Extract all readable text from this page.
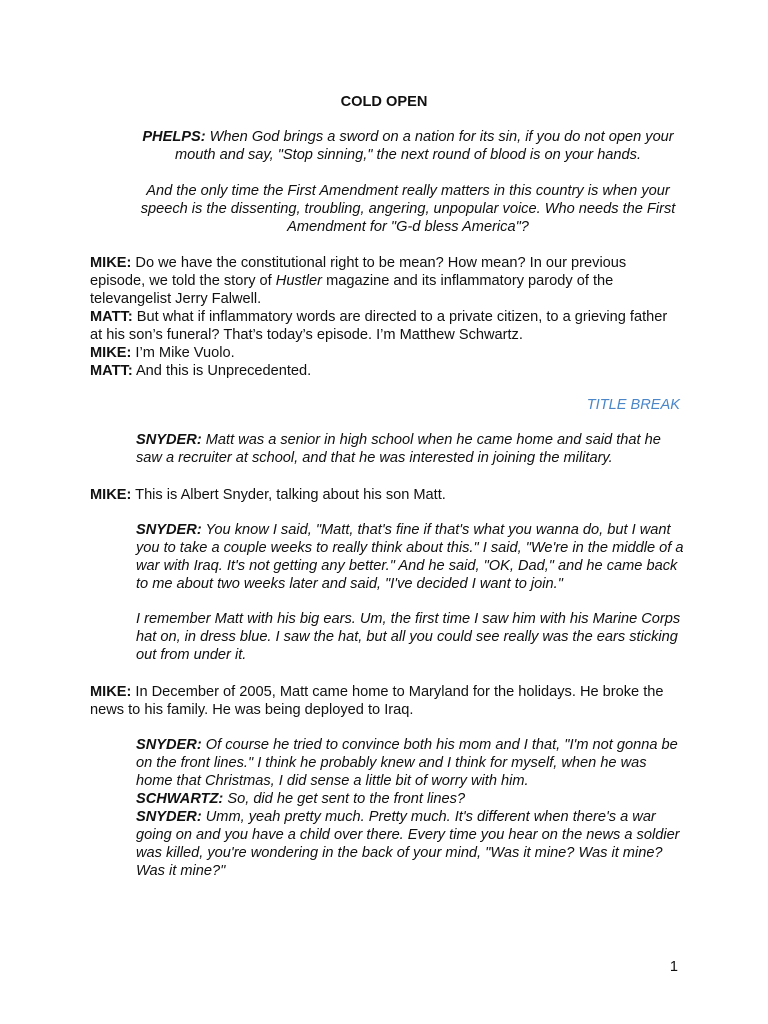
COLD OPEN
PHELPS: When God brings a sword on a nation for its sin, if you do not open your mouth and say, "Stop sinning," the next round of blood is on your hands.
And the only time the First Amendment really matters in this country is when your speech is the dissenting, troubling, angering, unpopular voice. Who needs the First Amendment for "G-d bless America"?
MIKE: Do we have the constitutional right to be mean? How mean? In our previous episode, we told the story of Hustler magazine and its inflammatory parody of the televangelist Jerry Falwell.
MATT: But what if inflammatory words are directed to a private citizen, to a grieving father at his son’s funeral? That’s today’s episode. I’m Matthew Schwartz.
MIKE: I’m Mike Vuolo.
MATT: And this is Unprecedented.
TITLE BREAK
SNYDER: Matt was a senior in high school when he came home and said that he saw a recruiter at school, and that he was interested in joining the military.
MIKE: This is Albert Snyder, talking about his son Matt.
SNYDER: You know I said, "Matt, that's fine if that's what you wanna do, but I want you to take a couple weeks to really think about this." I said, "We're in the middle of a war with Iraq. It's not getting any better." And he said, "OK, Dad," and he came back to me about two weeks later and said, "I've decided I want to join."
I remember Matt with his big ears. Um, the first time I saw him with his Marine Corps hat on, in dress blue. I saw the hat, but all you could see really was the ears sticking out from under it.
MIKE: In December of 2005, Matt came home to Maryland for the holidays. He broke the news to his family. He was being deployed to Iraq.
SNYDER: Of course he tried to convince both his mom and I that, "I'm not gonna be on the front lines." I think he probably knew and I think for myself, when he was home that Christmas, I did sense a little bit of worry with him.
SCHWARTZ: So, did he get sent to the front lines?
SNYDER: Umm, yeah pretty much. Pretty much. It's different when there's a war going on and you have a child over there. Every time you hear on the news a soldier was killed, you're wondering in the back of your mind, "Was it mine? Was it mine? Was it mine?"
1
